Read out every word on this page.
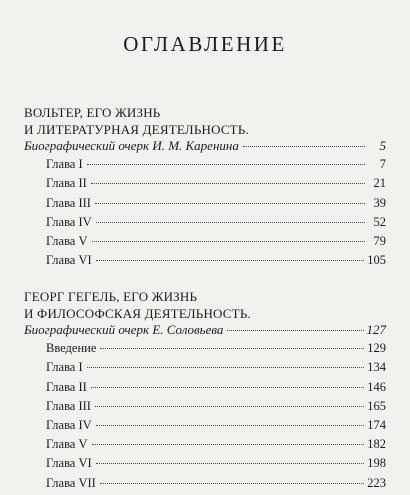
ОГЛАВЛЕНИЕ
ВОЛЬТЕР, ЕГО ЖИЗНЬ
И ЛИТЕРАТУРНАЯ ДЕЯТЕЛЬНОСТЬ.
Биографический очерк И. М. Каренина	5
Глава I	7
Глава II	21
Глава III	39
Глава IV	52
Глава V	79
Глава VI	105
ГЕОРГ ГЕГЕЛЬ, ЕГО ЖИЗНЬ
И ФИЛОСОФСКАЯ ДЕЯТЕЛЬНОСТЬ.
Биографический очерк Е. Соловьева	127
Введение	129
Глава I	134
Глава II	146
Глава III	165
Глава IV	174
Глава V	182
Глава VI	198
Глава VII	223
